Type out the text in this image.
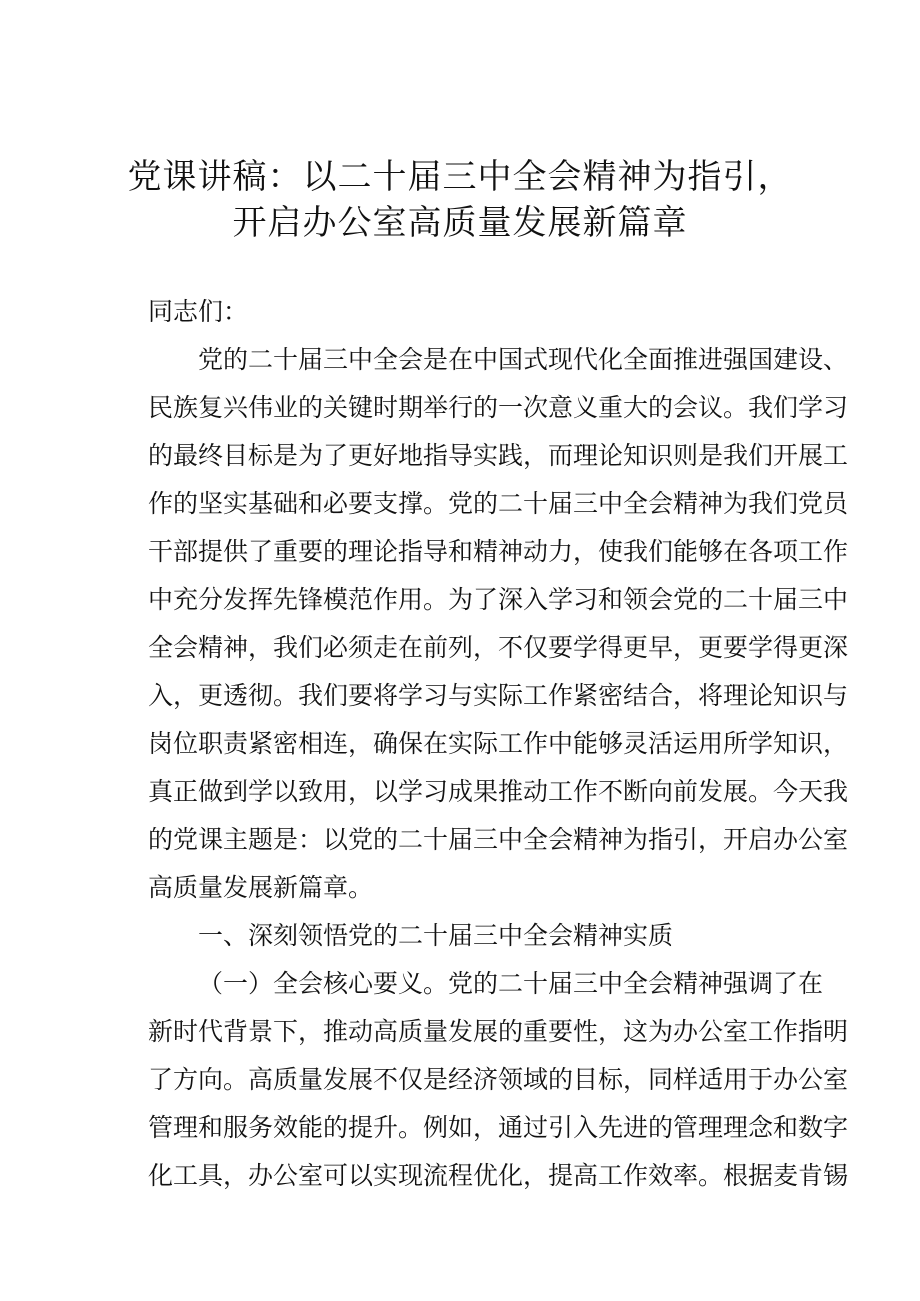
党课讲稿：以二十届三中全会精神为指引，
开启办公室高质量发展新篇章

同志们：

党的二十届三中全会是在中国式现代化全面推进强国建设、

民族复兴伟业的关键时期举行的一次意义重大的会议。我们学习

的最终目标是为了更好地指导实践，而理论知识则是我们开展工

作的坚实基础和必要支撑。党的二十届三中全会精神为我们党员

干部提供了重要的理论指导和精神动力，使我们能够在各项工作

中充分发挥先锋模范作用。为了深入学习和领会党的二十届三中

全会精神，我们必须走在前列，不仅要学得更早，更要学得更深

入，更透彻。我们要将学习与实际工作紧密结合，将理论知识与

岗位职责紧密相连，确保在实际工作中能够灵活运用所学知识，

真正做到学以致用，以学习成果推动工作不断向前发展。今天我

的党课主题是：以党的二十届三中全会精神为指引，开启办公室

高质量发展新篇章。

一、深刻领悟党的二十届三中全会精神实质

（一）全会核心要义。党的二十届三中全会精神强调了在

新时代背景下，推动高质量发展的重要性，这为办公室工作指明

了方向。高质量发展不仅是经济领域的目标，同样适用于办公室

管理和服务效能的提升。例如，通过引入先进的管理理念和数字

化工具，办公室可以实现流程优化，提高工作效率。根据麦肯锡
